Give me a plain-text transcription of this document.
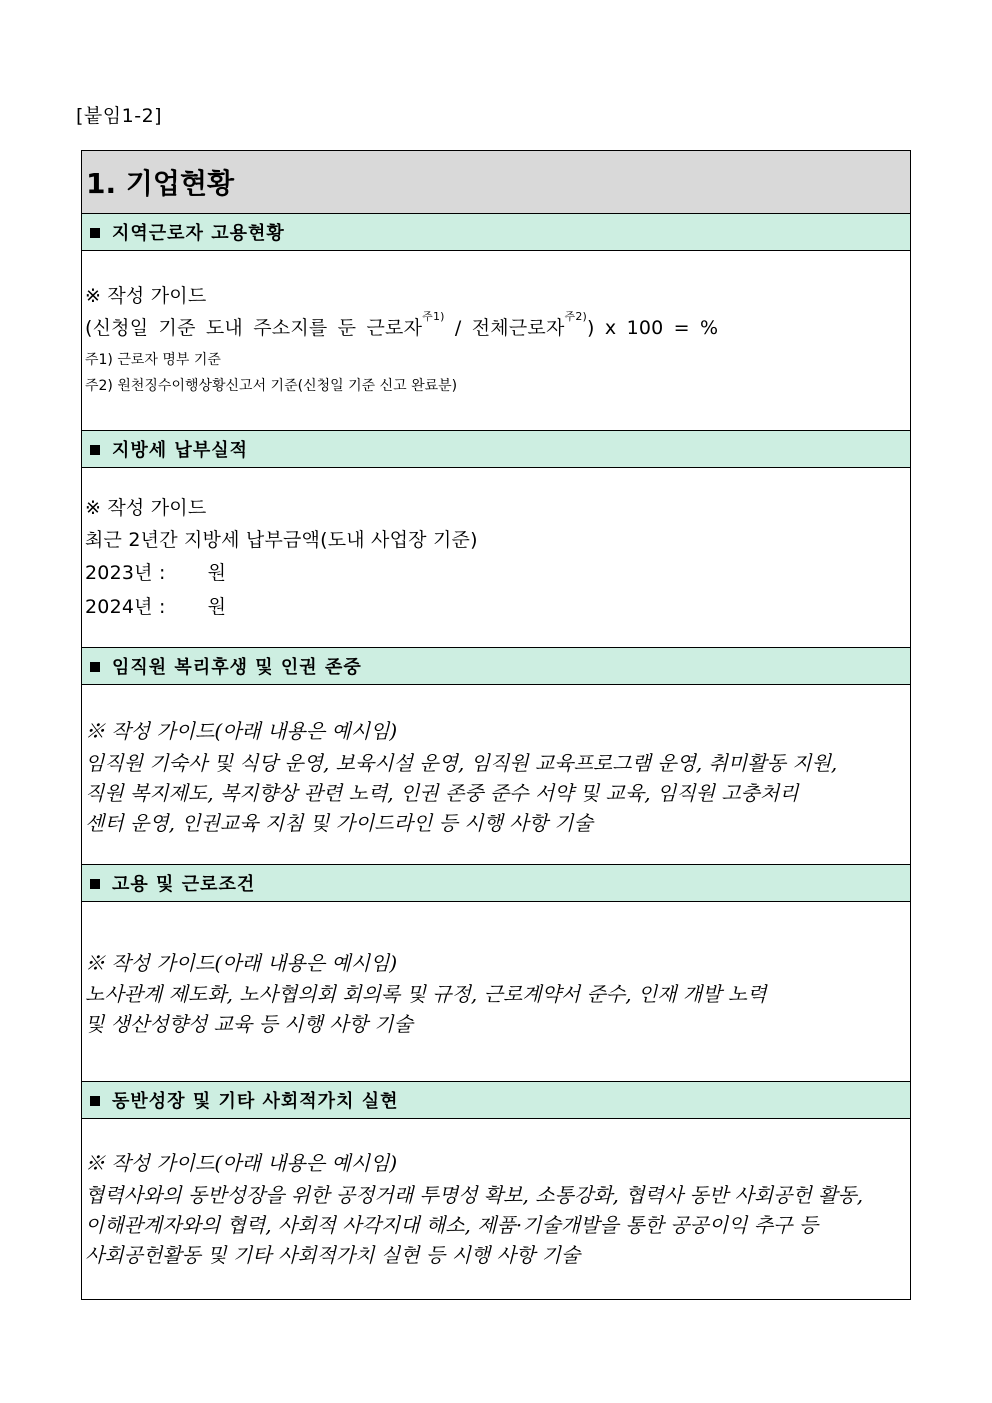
[붙임1-2]
1. 기업현황
지역근로자 고용현황
※ 작성 가이드
(신청일 기준 도내 주소지를 둔 근로자$^{주1)}$ / 전체근로자$^{주2)}$) x 100 = %
주1) 근로자 명부 기준
주2) 원천징수이행상황신고서 기준(신청일 기준 신고 완료분)
지방세 납부실적
※ 작성 가이드
최근 2년간 지방세 납부금액(도내 사업장 기준)
2023년 : 원
2024년 : 원
임직원 복리후생 및 인권 존중
※ 작성 가이드(아래 내용은 예시임)
임직원 기숙사 및 식당 운영, 보육시설 운영, 임직원 교육프로그램 운영, 취미활동 지원,
직원 복지제도, 복지향상 관련 노력, 인권 존중 준수 서약 및 교육, 임직원 고충처리
센터 운영, 인권교육 지침 및 가이드라인 등 시행 사항 기술
고용 및 근로조건
※ 작성 가이드(아래 내용은 예시임)
노사관계 제도화, 노사협의회 회의록 및 규정, 근로계약서 준수, 인재 개발 노력
및 생산성향성 교육 등 시행 사항 기술
동반성장 및 기타 사회적가치 실현
※ 작성 가이드(아래 내용은 예시임)
협력사와의 동반성장을 위한 공정거래 투명성 확보, 소통강화, 협력사 동반 사회공헌 활동,
이해관계자와의 협력, 사회적 사각지대 해소, 제품·기술개발을 통한 공공이익 추구 등
사회공헌활동 및 기타 사회적가치 실현 등 시행 사항 기술
